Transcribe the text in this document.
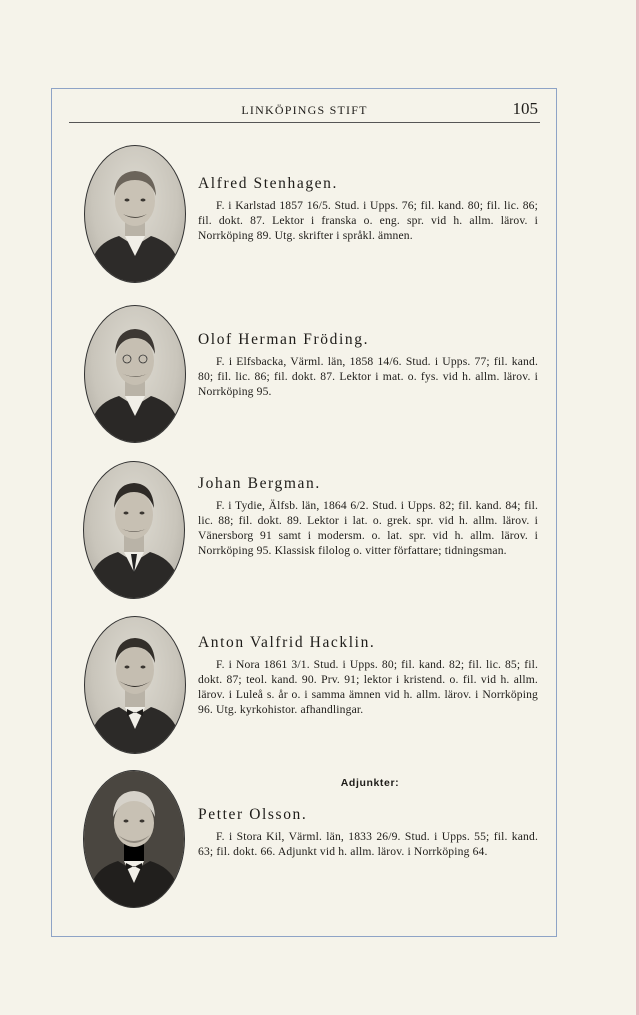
LINKÖPINGS STIFT	105

Alfred Stenhagen.

F. i Karlstad 1857 16/5. Stud. i Upps. 76; fil. kand. 80; fil. lic. 86; fil. dokt. 87. Lektor i franska o. eng. spr. vid h. allm. lärov. i Norrköping 89. Utg. skrifter i språkl. ämnen.

Olof Herman Fröding.

F. i Elfsbacka, Värml. län, 1858 14/6. Stud. i Upps. 77; fil. kand. 80; fil. lic. 86; fil. dokt. 87. Lektor i mat. o. fys. vid h. allm. lärov. i Norrköping 95.

Johan Bergman.

F. i Tydie, Älfsb. län, 1864 6/2. Stud. i Upps. 82; fil. kand. 84; fil. lic. 88; fil. dokt. 89. Lektor i lat. o. grek. spr. vid h. allm. lärov. i Vänersborg 91 samt i modersm. o. lat. spr. vid h. allm. lärov. i Norrköping 95. Klassisk filolog o. vitter författare; tidningsman.

Anton Valfrid Hacklin.

F. i Nora 1861 3/1. Stud. i Upps. 80; fil. kand. 82; fil. lic. 85; fil. dokt. 87; teol. kand. 90. Prv. 91; lektor i kristend. o. fil. vid h. allm. lärov. i Luleå s. år o. i samma ämnen vid h. allm. lärov. i Norrköping 96. Utg. kyrkohistor. afhandlingar.

Adjunkter:

Petter Olsson.

F. i Stora Kil, Värml. län, 1833 26/9. Stud. i Upps. 55; fil. kand. 63; fil. dokt. 66. Adjunkt vid h. allm. lärov. i Norrköping 64.
